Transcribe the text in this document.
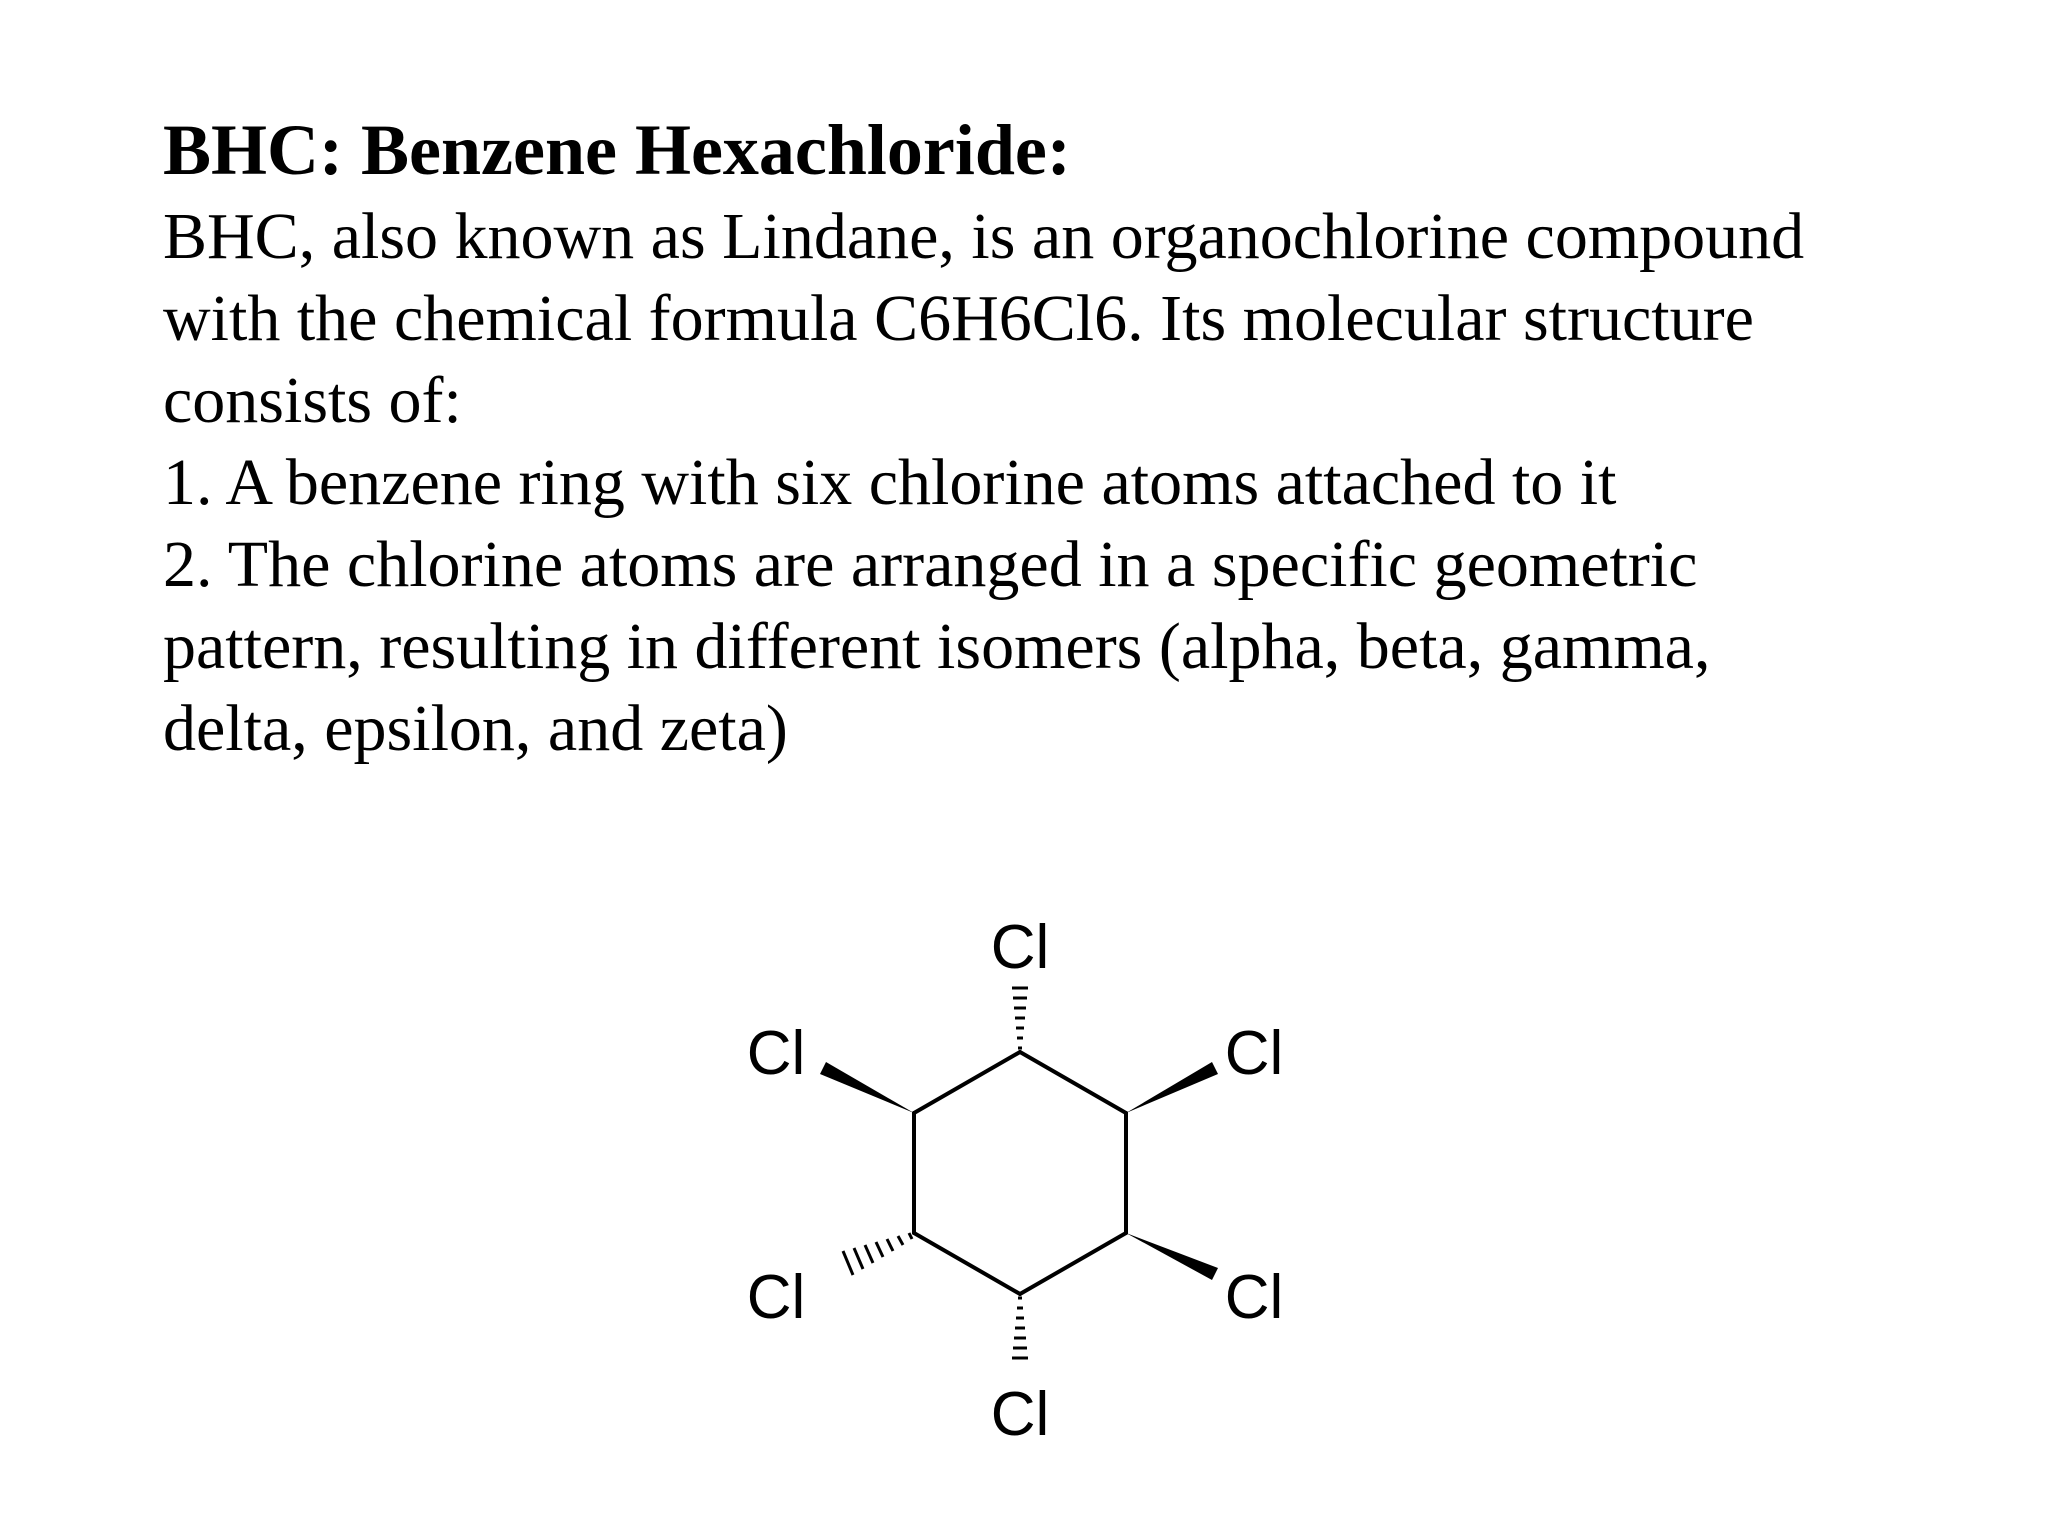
BHC: Benzene Hexachloride:
BHC, also known as Lindane, is an organochlorine compound
with the chemical formula C6H6Cl6. Its molecular structure
consists of:
1. A benzene ring with six chlorine atoms attached to it
2. The chlorine atoms are arranged in a specific geometric
pattern, resulting in different isomers (alpha, beta, gamma,
delta, epsilon, and zeta)
Cl
Cl	Cl
Cl	Cl
Cl
